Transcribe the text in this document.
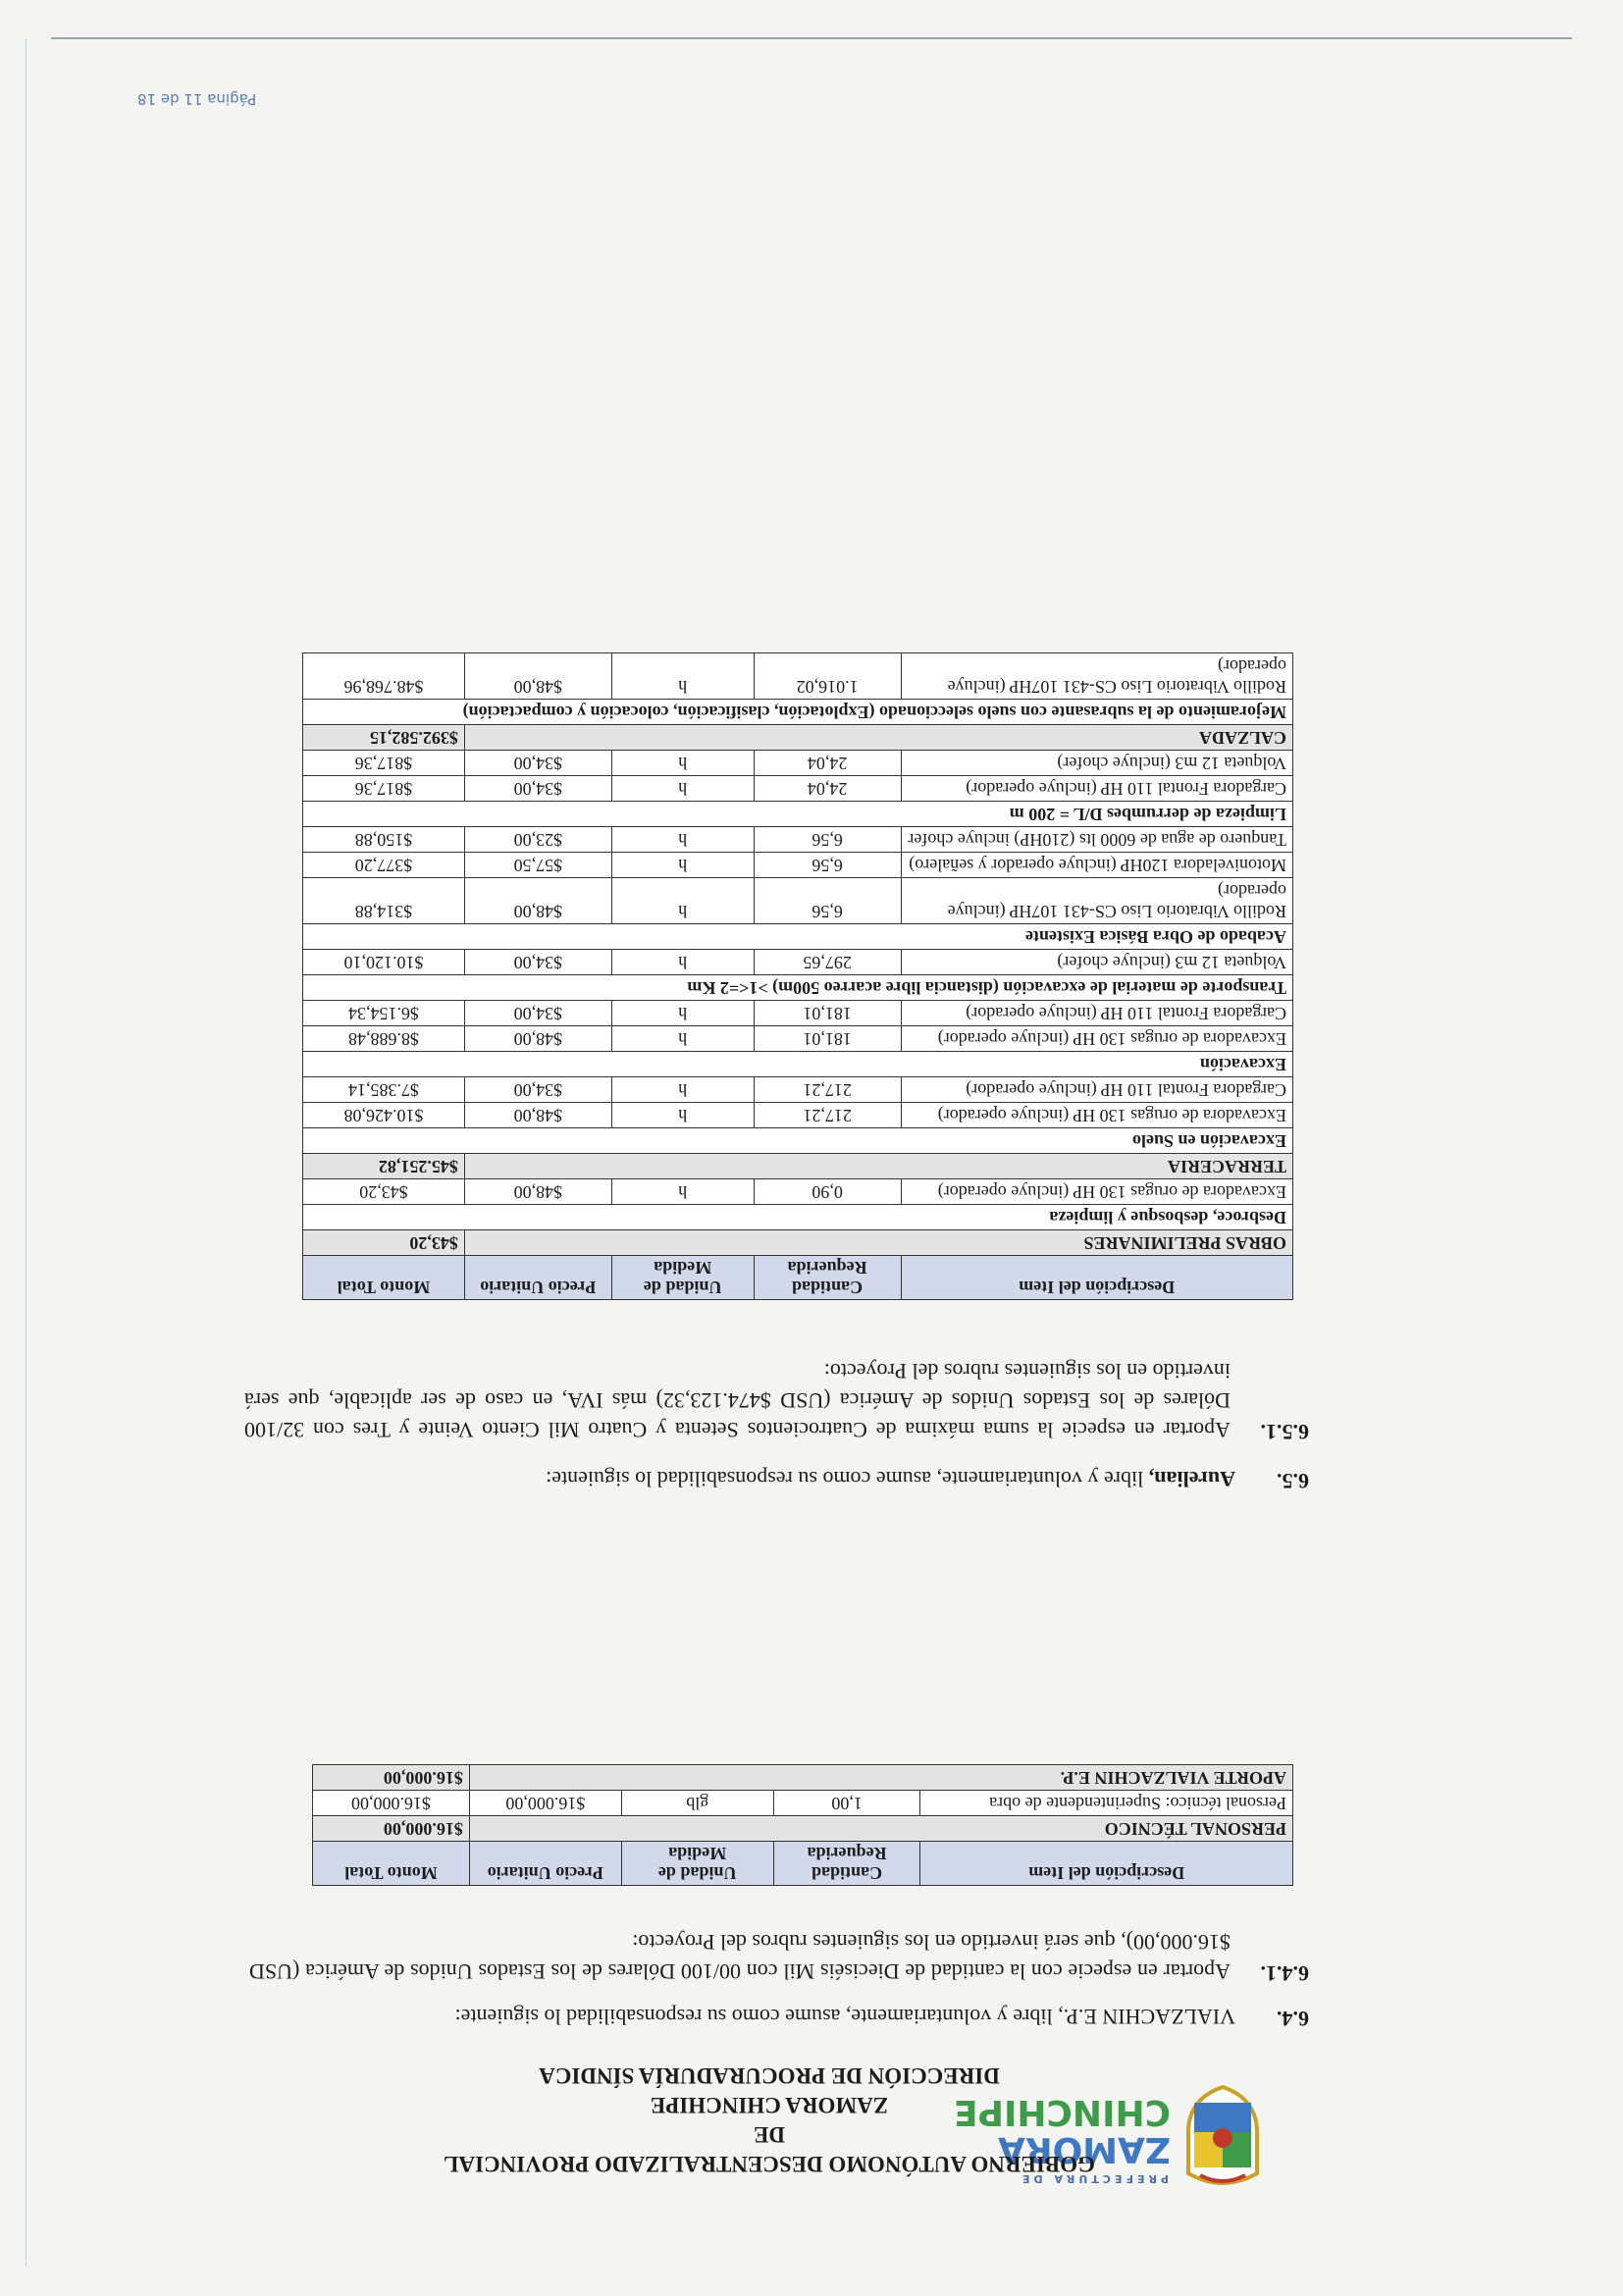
PREFECTURA DE
ZAMORA
CHINCHIPE
GOBIERNO AUTÓNOMO DESCENTRALIZADO PROVINCIAL DE
ZAMORA CHINCHIPE
DIRECCIÓN DE PROCURADURÍA SÍNDICA
6.4.
VIALZACHIN E.P., libre y voluntariamente, asume como su responsabilidad lo siguiente:
6.4.1.
Aportar en especie con la cantidad de Dieciséis Mil con 00/100 Dólares de los Estados Unidos de América (USD $16.000,00), que será invertido en los siguientes rubros del Proyecto:
Descripción del Item	Cantidad Requerida	Unidad de Medida	Precio Unitario	Monto Total
PERSONAL TÉCNICO				$16.000,00
Personal técnico: Superintendente de obra	1,00	glb	$16.000,00	$16.000,00
APORTE VIALZACHIN E.P.				$16.000,00
6.5.
Aurelian, libre y voluntariamente, asume como su responsabilidad lo siguiente:
6.5.1.
Aportar en especie la suma máxima de Cuatrocientos Setenta y Cuatro Mil Ciento Veinte y Tres con 32/100 Dólares de los Estados Unidos de América (USD $474.123,32) más IVA, en caso de ser aplicable, que será invertido en los siguientes rubros del Proyecto:
Descripción del Item	Cantidad Requerida	Unidad de Medida	Precio Unitario	Monto Total
OBRAS PRELIMINARES				$43,20
Desbroce, desbosque y limpieza				
Excavadora de orugas 130 HP (incluye operador)	0,90	h	$48,00	$43,20
TERRACERIA				$45.251,82
Excavación en Suelo				
Excavadora de orugas 130 HP (incluye operador)	217,21	h	$48,00	$10.426,08
Cargadora Frontal 110 HP (incluye operador)	217,21	h	$34,00	$7.385,14
Excavación				
Excavadora de orugas 130 HP (incluye operador)	181,01	h	$48,00	$8.688,48
Cargadora Frontal 110 HP (incluye operador)	181,01	h	$34,00	$6.154,34
Transporte de material de excavación (distancia libre acarreo 500m) >1<=2 Km				
Volqueta 12 m3 (incluye chofer)	297,65	h	$34,00	$10.120,10
Acabado de Obra Básica Existente				
Rodillo Vibratorio Liso CS-431 107HP (incluye operador)	6,56	h	$48,00	$314,88
Motoniveladora 120HP (incluye operador y señalero)	6,56	h	$57,50	$377,20
Tanquero de agua de 6000 lts (210HP) incluye chofer	6,56	h	$23,00	$150,88
Limpieza de derrumbes D/L = 200 m				
Cargadora Frontal 110 HP (incluye operador)	24,04	h	$34,00	$817,36
Volqueta 12 m3 (incluye chofer)	24,04	h	$34,00	$817,36
CALZADA				$392.582,15
Mejoramiento de la subrasante con suelo seleccionado (Explotación, clasificación, colocación y compactación)				
Rodillo Vibratorio Liso CS-431 107HP (incluye operador)	1.016,02	h	$48,00	$48.768,96
Página 11 de 18
